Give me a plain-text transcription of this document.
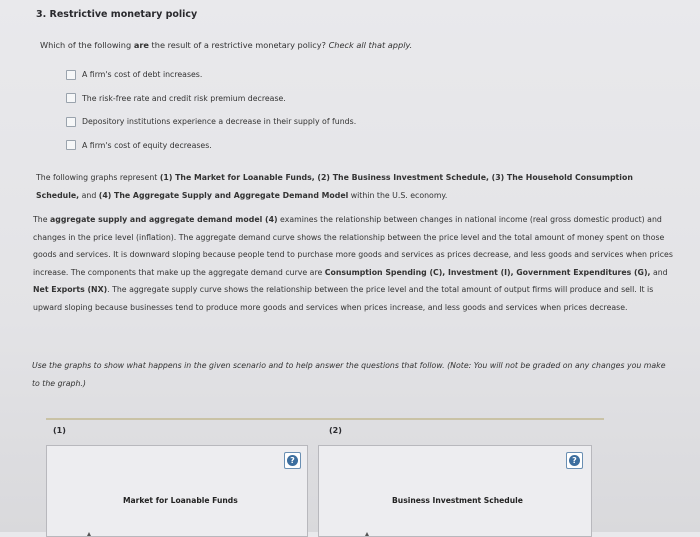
3. Restrictive monetary policy
Which of the following are the result of a restrictive monetary policy? Check all that apply.
A firm's cost of debt increases.
The risk-free rate and credit risk premium decrease.
Depository institutions experience a decrease in their supply of funds.
A firm's cost of equity decreases.
The following graphs represent (1) The Market for Loanable Funds, (2) The Business Investment Schedule, (3) The Household Consumption Schedule, and (4) The Aggregate Supply and Aggregate Demand Model within the U.S. economy.
The aggregate supply and aggregate demand model (4) examines the relationship between changes in national income (real gross domestic product) and changes in the price level (inflation). The aggregate demand curve shows the relationship between the price level and the total amount of money spent on those goods and services. It is downward sloping because people tend to purchase more goods and services as prices decrease, and less goods and services when prices increase. The components that make up the aggregate demand curve are Consumption Spending (C), Investment (I), Government Expenditures (G), and Net Exports (NX). The aggregate supply curve shows the relationship between the price level and the total amount of output firms will produce and sell. It is upward sloping because businesses tend to produce more goods and services when prices increase, and less goods and services when prices decrease.
Use the graphs to show what happens in the given scenario and to help answer the questions that follow. (Note: You will not be graded on any changes you make to the graph.)
(1)	(2)
?
Market for Loanable Funds
?
Business Investment Schedule
